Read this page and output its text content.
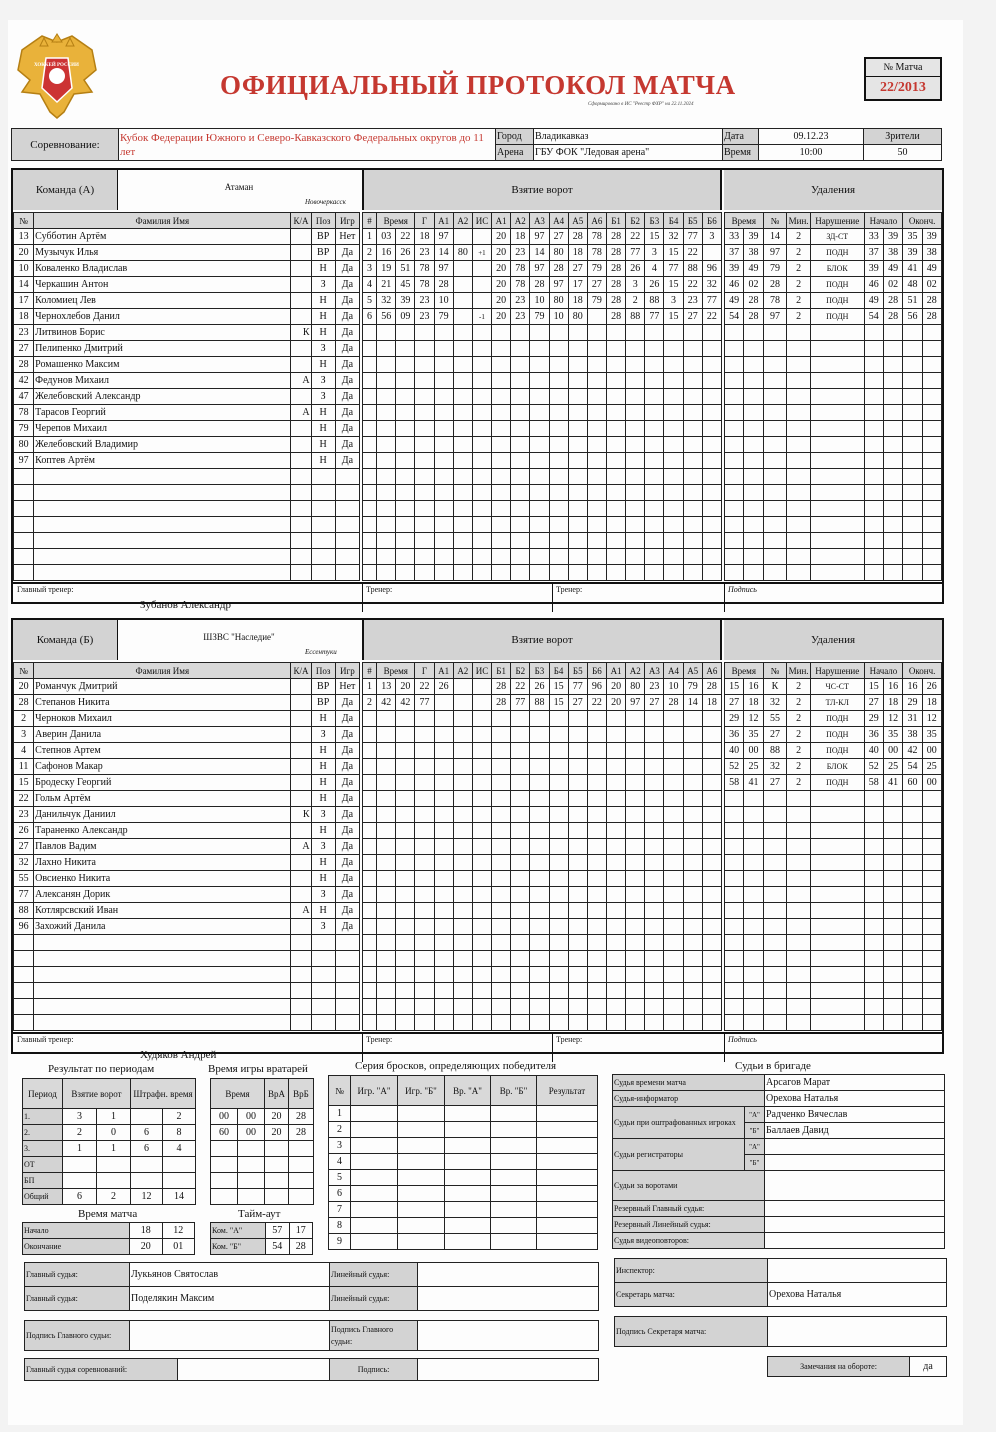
ХОККЕЙ РОССИИ
ОФИЦИАЛЬНЫЙ ПРОТОКОЛ МАТЧА
Сформировано в ИС "Реестр ФХР" на 22.11.2024
№ Матча
22/2013
Соревнование:	Кубок Федерации Южного и Северо-Кавказского Федеральных округов до 11 лет	Город	Владикавказ	Дата	09.12.23	Зрители
		Арена	ГБУ ФОК "Ледовая арена"	Время	10:00	50
Команда (А)	Атаман
Новочеркасск
Взятие ворот	Удаления
№	Фамилия Имя	К/А	Поз	Игр
13	Субботин Артём		ВР	Нет
20	Музычук Илья		ВР	Да
10	Коваленко Владислав		Н	Да
14	Черкашин Антон		З	Да
17	Коломиец Лев		Н	Да
18	Чернохлебов Данил		Н	Да
23	Литвинов Борис	К	Н	Да
27	Пелипенко Дмитрий		З	Да
28	Ромашенко Максим		Н	Да
42	Федунов Михаил	А	З	Да
47	Желебовский Александр		З	Да
78	Тарасов Георгий	А	Н	Да
79	Черепов Михаил		Н	Да
80	Желебовский Владимир		Н	Да
97	Коптев Артём		Н	Да

#	Время		Г	А1	А2	ИС	А1	А2	А3	А4	А5	А6	Б1	Б2	Б3	Б4	Б5	Б6
1	03	22	18	97			20	18	97	27	28	78	28	22	15	32	77	3
2	16	26	23	14	80	+1	20	23	14	80	18	78	28	77	3	15	22	
3	19	51	78	97			20	78	97	28	27	79	28	26	4	77	88	96
4	21	45	78	28			20	78	28	97	17	27	28	3	26	15	22	32
5	32	39	23	10			20	23	10	80	18	79	28	2	88	3	23	77
6	56	09	23	79		-1	20	23	79	10	80		28	88	77	15	27	22

Время		№	Мин.	Нарушение	Начало		Оконч.	
33	39	14	2	ЗД-СТ	33	39	35	39
37	38	97	2	ПОДН	37	38	39	38
39	49	79	2	БЛОК	39	49	41	49
46	02	28	2	ПОДН	46	02	48	02
49	28	78	2	ПОДН	49	28	51	28
54	28	97	2	ПОДН	54	28	56	28

Главный тренер:
Зубанов Александр
Тренер:	Тренер:	Подпись
Команда (Б)	ШЗВС "Наследие"
Ессентуки
Взятие ворот	Удаления
№	Фамилия Имя	К/А	Поз	Игр
20	Романчук Дмитрий		ВР	Нет
28	Степанов Никита		ВР	Да
2	Черноков Михаил		Н	Да
3	Аверин Данила		З	Да
4	Степнов Артем		Н	Да
11	Сафонов Макар		Н	Да
15	Бродеску Георгий		Н	Да
22	Гольм Артём		Н	Да
23	Данильчук Даниил	К	З	Да
26	Тараненко Александр		Н	Да
27	Павлов Вадим	А	З	Да
32	Лахно Никита		Н	Да
55	Овсиенко Никита		Н	Да
77	Алексанян Дорик		З	Да
88	Котлярсвский Иван	А	Н	Да
96	Захожий Данила		З	Да

#	Время		Г	А1	А2	ИС	Б1	Б2	Б3	Б4	Б5	Б6	А1	А2	А3	А4	А5	А6
1	13	20	22	26			28	22	26	15	77	96	20	80	23	10	79	28
2	42	42	77				28	77	88	15	27	22	20	97	27	28	14	18

Время		№	Мин.	Нарушение	Начало		Оконч.	
15	16	К	2	ЧС-СТ	15	16	16	26
27	18	32	2	ТЛ-КЛ	27	18	29	18
29	12	55	2	ПОДН	29	12	31	12
36	35	27	2	ПОДН	36	35	38	35
40	00	88	2	ПОДН	40	00	42	00
52	25	32	2	БЛОК	52	25	54	25
58	41	27	2	ПОДН	58	41	60	00

Главный тренер:
Худяков Андрей
Тренер:	Тренер:	Подпись
Результат по периодам
Период	Взятие ворот		Штрафн. время	
1.	3	1		2
2.	2	0	6	8
3.	1	1	6	4
ОТ				
БП				
Общий	6	2	12	14
Время игры вратарей
Время		ВрА	ВрБ
00	00	20	28
60	00	20	28

Время матча
Начало	18	12
Окончание	20	01
Тайм-аут
Ком. "А"	57	17
Ком. "Б"	54	28
Серия бросков, определяющих победителя
№	Игр. "А"	Игр. "Б"	Вр. "А"	Вр. "Б"	Результат
1					
2					
3					
4					
5					
6					
7					
8					
9					
Судьи в бригаде
Судья времени матча		Арсагов Марат
Судья-информатор		Орехова Наталья
Судьи при оштрафованных игроках	"А"	Радченко Вячеслав
	"Б"	Баллаев Давид
Судьи регистраторы	"А"	
	"Б"	
Судьи за воротами		
Резервный Главный судья:		
Резервный Линейный судья:		
Судья видеоповторов:		
Главный судья:	Лукьянов Святослав	Линейный судья:	
Главный судья:	Поделякин Максим	Линейный судья:	
Подпись Главного судьи:		Подпись Главного судьи:	
Главный судья соревнований:		Подпись:	
Инспектор:	
Секретарь матча:	Орехова Наталья
Подпись Секретаря матча:	
Замечания на обороте:	да
